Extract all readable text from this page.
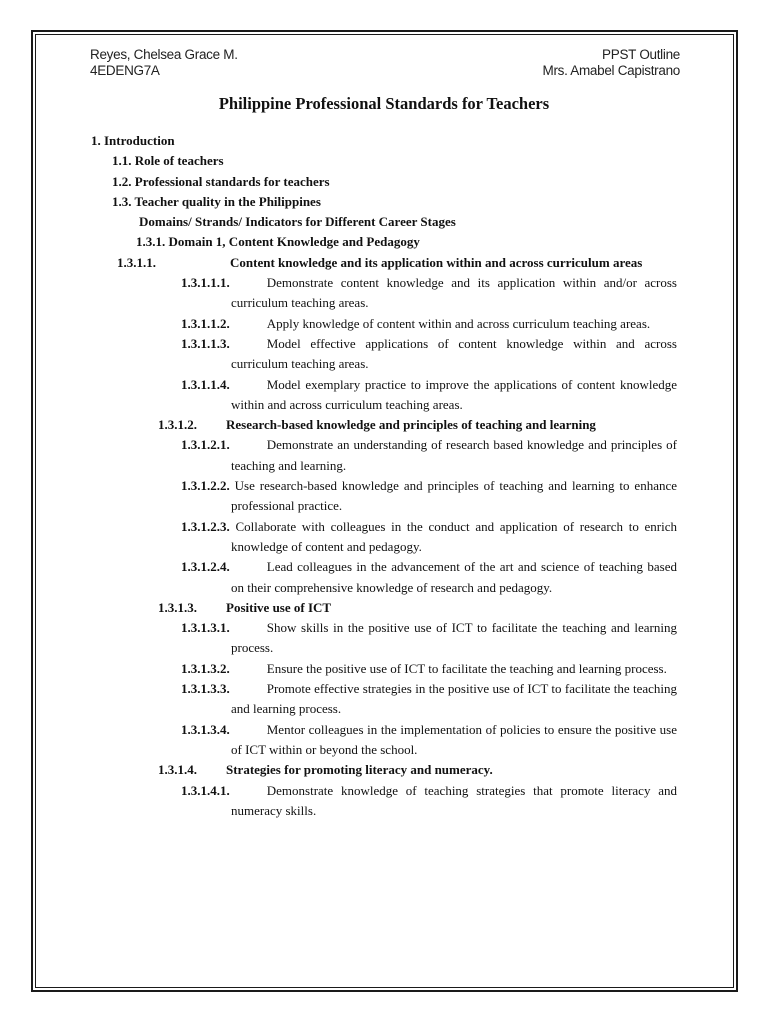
Reyes, Chelsea Grace M.
4EDENG7A
PPST Outline
Mrs. Amabel Capistrano
Philippine Professional Standards for Teachers
1. Introduction
1.1. Role of teachers
1.2. Professional standards for teachers
1.3. Teacher quality in the Philippines
Domains/ Strands/ Indicators for Different Career Stages
1.3.1. Domain 1, Content Knowledge and Pedagogy
1.3.1.1.	Content knowledge and its application within and across curriculum areas
1.3.1.1.1.	Demonstrate content knowledge and its application within and/or across curriculum teaching areas.
1.3.1.1.2.	Apply knowledge of content within and across curriculum teaching areas.
1.3.1.1.3.	Model effective applications of content knowledge within and across curriculum teaching areas.
1.3.1.1.4.	Model exemplary practice to improve the applications of content knowledge within and across curriculum teaching areas.
1.3.1.2. Research-based knowledge and principles of teaching and learning
1.3.1.2.1.	Demonstrate an understanding of research based knowledge and principles of teaching and learning.
1.3.1.2.2. Use research-based knowledge and principles of teaching and learning to enhance professional practice.
1.3.1.2.3. Collaborate with colleagues in the conduct and application of research to enrich knowledge of content and pedagogy.
1.3.1.2.4.	Lead colleagues in the advancement of the art and science of teaching based on their comprehensive knowledge of research and pedagogy.
1.3.1.3. Positive use of ICT
1.3.1.3.1.	Show skills in the positive use of ICT to facilitate the teaching and learning process.
1.3.1.3.2.	Ensure the positive use of ICT to facilitate the teaching and learning process.
1.3.1.3.3.	Promote effective strategies in the positive use of ICT to facilitate the teaching and learning process.
1.3.1.3.4.	Mentor colleagues in the implementation of policies to ensure the positive use of ICT within or beyond the school.
1.3.1.4. Strategies for promoting literacy and numeracy.
1.3.1.4.1.	Demonstrate knowledge of teaching strategies that promote literacy and numeracy skills.
